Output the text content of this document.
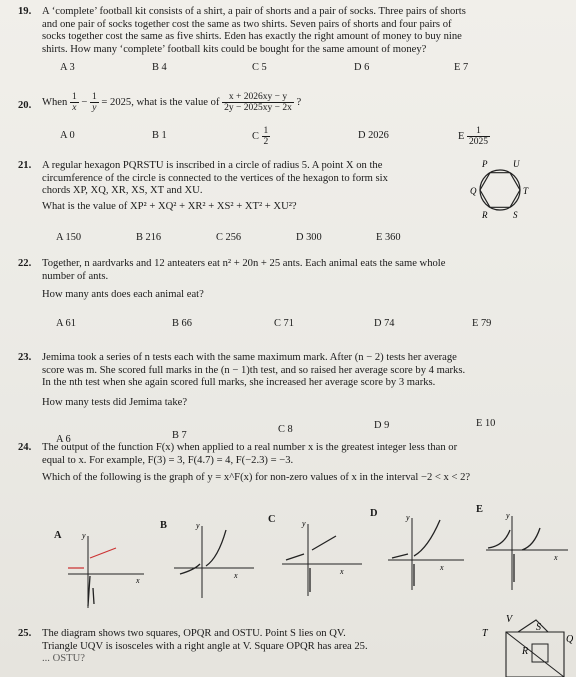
19. A ‘complete’ football kit consists of a shirt, a pair of shorts and a pair of socks. Three pairs of shorts
and one pair of socks together cost the same as two shirts. Seven pairs of shorts and four pairs of
socks together cost the same as five shirts. Eden has exactly the right amount of money to buy nine
shirts. How many ‘complete’ football kits could be bought for the same amount of money?
A 3	B 4	C 5	D 6	E 7
20.	When $\frac{1}{x} - \frac{1}{y} = 2025$, what is the value of $\frac{x + 2026xy - y}{2y - 2025xy - 2x}$ ?
A 0	B 1	C $\frac{1}{2}$	D 2026	E $\frac{1}{2025}$
21. A regular hexagon PQRSTU is inscribed in a circle of radius 5. A point X on the
circumference of the circle is connected to the vertices of the hexagon to form six
chords XP, XQ, XR, XS, XT and XU.
What is the value of XP² + XQ² + XR² + XS² + XT² + XU²?
A 150	B 216	C 256	D 300	E 360
P	U
Q	T
R	S
22. Together, n aardvarks and 12 anteaters eat n² + 20n + 25 ants. Each animal eats the same whole
number of ants.
How many ants does each animal eat?
A 61	B 66	C 71	D 74	E 79
23. Jemima took a series of n tests each with the same maximum mark. After (n − 2) tests her average
score was m. She scored full marks in the (n − 1)th test, and so raised her average score by 4 marks.
In the nth test when she again scored full marks, she increased her average score by 3 marks.
How many tests did Jemima take?
A 6	B 7
C 8	D 9	E 10
24. The output of the function F(x) when applied to a real number x is the greatest integer less than or
equal to x. For example, F(3) = 3, F(4.7) = 4, F(−2.3) = −3.
Which of the following is the graph of y = x^F(x) for non-zero values of x in the interval −2 < x < 2?
A
B
C
D	E
y
x
y
x
y
x
y
x
y
x
25. The diagram shows two squares, OPQR and OSTU. Point S lies on QV.
Triangle UQV is isosceles with a right angle at V. Square OPQR has area 25.
... OSTU?
T
V
S
R
Q
